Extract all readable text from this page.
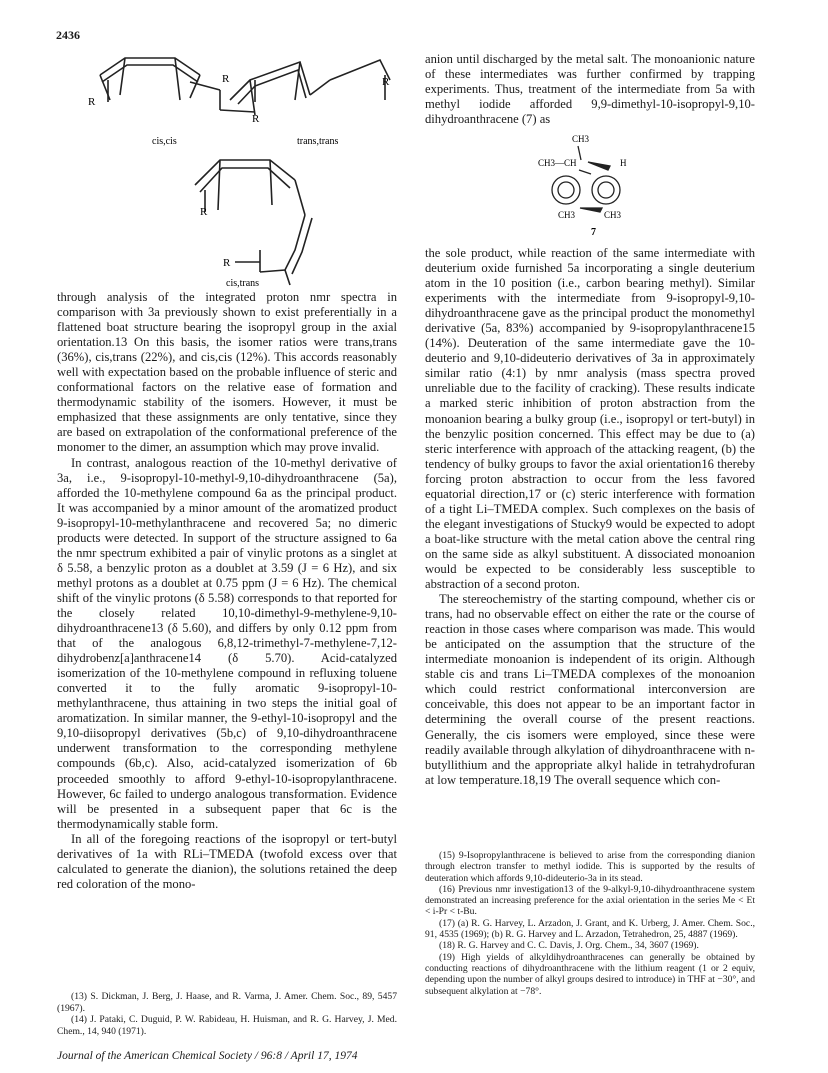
2436
R
R
R
R
R
R
cis,cis	trans,trans
cis,trans
CH3
CH3—CH	H
CH3	CH3
7

through analysis of the integrated proton nmr spectra in comparison with 3a previously shown to exist preferentially in a flattened boat structure bearing the isopropyl group in the axial orientation.13 On this basis, the isomer ratios were trans,trans (36%), cis,trans (22%), and cis,cis (12%). This accords reasonably well with expectation based on the probable influence of steric and conformational factors on the relative ease of formation and thermodynamic stability of the isomers. However, it must be emphasized that these assignments are only tentative, since they are based on extrapolation of the conformational preference of the monomer to the dimer, an assumption which may prove invalid.

In contrast, analogous reaction of the 10-methyl derivative of 3a, i.e., 9-isopropyl-10-methyl-9,10-dihydroanthracene (5a), afforded the 10-methylene compound 6a as the principal product. It was accompanied by a minor amount of the aromatized product 9-isopropyl-10-methylanthracene and recovered 5a; no dimeric products were detected. In support of the structure assigned to 6a the nmr spectrum exhibited a pair of vinylic protons as a singlet at δ 5.58, a benzylic proton as a doublet at 3.59 (J = 6 Hz), and six methyl protons as a doublet at 0.75 ppm (J = 6 Hz). The chemical shift of the vinylic protons (δ 5.58) corresponds to that reported for the closely related 10,10-dimethyl-9-methylene-9,10-dihydroanthracene13 (δ 5.60), and differs by only 0.12 ppm from that of the analogous 6,8,12-trimethyl-7-methylene-7,12-dihydrobenz[a]anthracene14 (δ 5.70). Acid-catalyzed isomerization of the 10-methylene compound in refluxing toluene converted it to the fully aromatic 9-isopropyl-10-methylanthracene, thus attaining in two steps the initial goal of aromatization. In similar manner, the 9-ethyl-10-isopropyl and the 9,10-diisopropyl derivatives (5b,c) of 9,10-dihydroanthracene underwent transformation to the corresponding methylene compounds (6b,c). Also, acid-catalyzed isomerization of 6b proceeded smoothly to afford 9-ethyl-10-isopropylanthracene. However, 6c failed to undergo analogous transformation. Evidence will be presented in a subsequent paper that 6c is the thermodynamically stable form.

In all of the foregoing reactions of the isopropyl or tert-butyl derivatives of 1a with RLi–TMEDA (twofold excess over that calculated to generate the dianion), the solutions retained the deep red coloration of the mono-

anion until discharged by the metal salt. The monoanionic nature of these intermediates was further confirmed by trapping experiments. Thus, treatment of the intermediate from 5a with methyl iodide afforded 9,9-dimethyl-10-isopropyl-9,10-dihydroanthracene (7) as

the sole product, while reaction of the same intermediate with deuterium oxide furnished 5a incorporating a single deuterium atom in the 10 position (i.e., carbon bearing methyl). Similar experiments with the intermediate from 9-isopropyl-9,10-dihydroanthracene gave as the principal product the monomethyl derivative (5a, 83%) accompanied by 9-isopropylanthracene15 (14%). Deuteration of the same intermediate gave the 10-deuterio and 9,10-dideuterio derivatives of 3a in approximately similar ratio (4:1) by nmr analysis (mass spectra proved unreliable due to the facility of cracking). These results indicate a marked steric inhibition of proton abstraction from the monoanion bearing a bulky group (i.e., isopropyl or tert-butyl) in the benzylic position concerned. This effect may be due to (a) steric interference with approach of the attacking reagent, (b) the tendency of bulky groups to favor the axial orientation16 thereby forcing proton abstraction to occur from the less favored equatorial direction,17 or (c) steric interference with formation of a tight Li–TMEDA complex. Such complexes on the basis of the elegant investigations of Stucky9 would be expected to adopt a boat-like structure with the metal cation above the central ring on the same side as alkyl substituent. A dissociated monoanion would be expected to be considerably less susceptible to abstraction of a second proton.

The stereochemistry of the starting compound, whether cis or trans, had no observable effect on either the rate or the course of reaction in those cases where comparison was made. This would be anticipated on the assumption that the structure of the intermediate monoanion is independent of its origin. Although stable cis and trans Li–TMEDA complexes of the monoanion which could restrict conformational interconversion are conceivable, this does not appear to be an important factor in determining the overall course of the present reactions. Generally, the cis isomers were employed, since these were readily available through alkylation of dihydroanthracene with n-butyllithium and the appropriate alkyl halide in tetrahydrofuran at low temperature.18,19 The overall sequence which con-

(13) S. Dickman, J. Berg, J. Haase, and R. Varma, J. Amer. Chem. Soc., 89, 5457 (1967).

(14) J. Pataki, C. Duguid, P. W. Rabideau, H. Huisman, and R. G. Harvey, J. Med. Chem., 14, 940 (1971).

(15) 9-Isopropylanthracene is believed to arise from the corresponding dianion through electron transfer to methyl iodide. This is supported by the results of deuteration which affords 9,10-dideuterio-3a in its stead.

(16) Previous nmr investigation13 of the 9-alkyl-9,10-dihydroanthracene system demonstrated an increasing preference for the axial orientation in the series Me < Et < i-Pr < t-Bu.

(17) (a) R. G. Harvey, L. Arzadon, J. Grant, and K. Urberg, J. Amer. Chem. Soc., 91, 4535 (1969); (b) R. G. Harvey and L. Arzadon, Tetrahedron, 25, 4887 (1969).

(18) R. G. Harvey and C. C. Davis, J. Org. Chem., 34, 3607 (1969).

(19) High yields of alkyldihydroanthracenes can generally be obtained by conducting reactions of dihydroanthracene with the lithium reagent (1 or 2 equiv, depending upon the number of alkyl groups desired to introduce) in THF at −30°, and subsequent alkylation at −78°.

Journal of the American Chemical Society / 96:8 / April 17, 1974
